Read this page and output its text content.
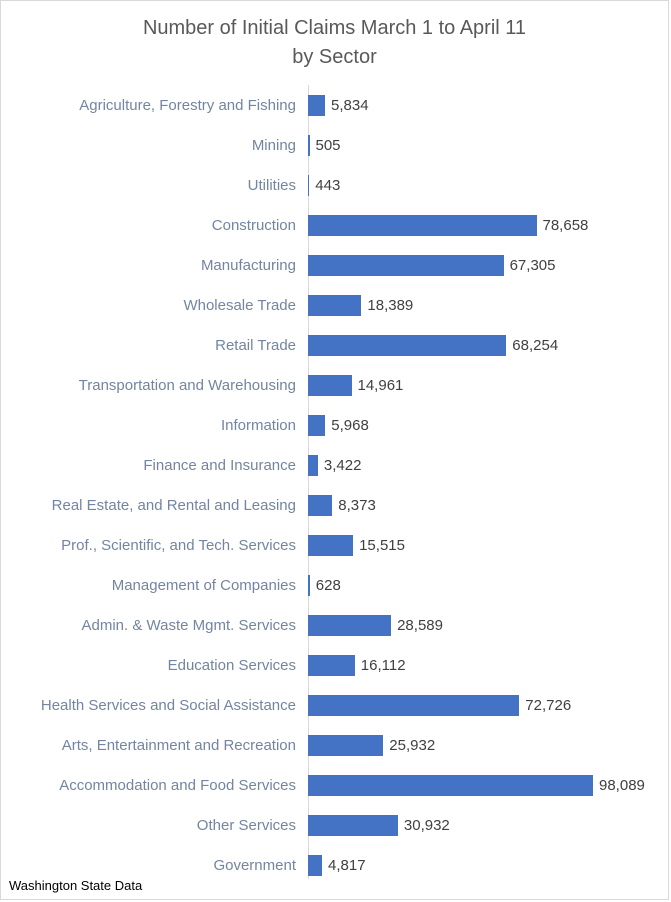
Number of Initial Claims March 1 to April 11
by Sector
Agriculture, Forestry and Fishing	5,834
Mining	505
Utilities	443
Construction	78,658
Manufacturing	67,305
Wholesale Trade	18,389
Retail Trade	68,254
Transportation and Warehousing	14,961
Information	5,968
Finance and Insurance	3,422
Real Estate, and Rental and Leasing	8,373
Prof., Scientific, and Tech. Services	15,515
Management of Companies	628
Admin. & Waste Mgmt. Services	28,589
Education Services	16,112
Health Services and Social Assistance	72,726
Arts, Entertainment and Recreation	25,932
Accommodation and Food Services	98,089
Other Services	30,932
Government	4,817
Washington State Data
